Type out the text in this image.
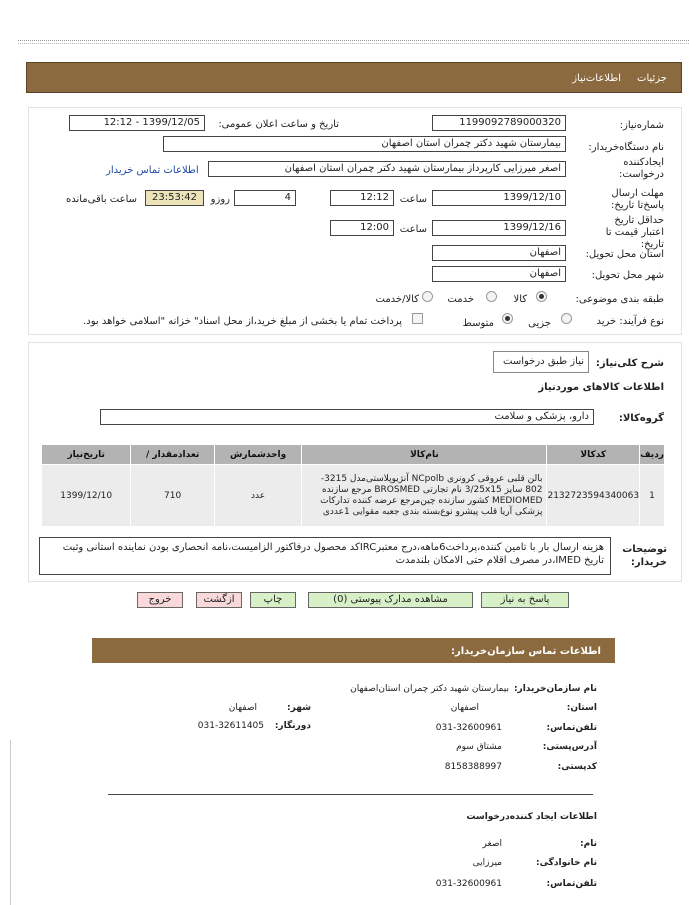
جزئیات
اطلاعات‌نیاز
شماره‌نیاز:
1199092789000320
تاریخ و ساعت اعلان عمومی:
1399/12/05 - 12:12
نام دستگاه‌خریدار:
بیمارستان شهید دکتر چمران استان اصفهان
ایجادکننده درخواست:
اصغر میرزایی کارپرداز بیمارستان شهید دکتر چمران استان اصفهان
اطلاعات تماس خریدار
مهلت ارسال پاسخ‌تا تاریخ:
1399/12/10
ساعت
12:12
4
روزو
23:53:42
ساعت باقی‌مانده
حداقل تاریخ اعتبار قیمت تا تاریخ:
1399/12/16
ساعت
12:00
استان محل تحویل:
اصفهان
شهر محل تحویل:
اصفهان
طبقه بندی موضوعی:
کالا
خدمت
کالا/خدمت
نوع فرآیند: خرید
جزیی
متوسط
پرداخت تمام یا بخشی از مبلغ خرید،از محل اسناد" خزانه "اسلامی خواهد بود.
شرح کلی‌نیاز:
نیاز طبق درخواست
اطلاعات کالاهای موردنیاز
گروه‌کالا:
دارو، پزشکی و سلامت
ردیف	کدکالا	نام‌کالا	واحدشمارش	تعدادمقدار /	تاریخ‌نیاز
1	2132723594340063	بالن قلبی عروقی کرونری NCpolb آنژیوپلاستی‌مدل 3215-802 سایز 3/25x15 نام تجارتی BROSMED مرجع سازنده MEDIOMED کشور سازنده چین‌مرجع عرضه کننده تدارکات پزشکی آریا قلب پیشرو نوع‌بسته بندی جعبه مقوایی 1عددی	عدد	710	1399/12/10
توضیحات خریدار:
هزینه ارسال بار با تامین کننده،پرداخت6ماهه،درج معتبرIRCکد محصول درفاکتور الزامیست،نامه انحصاری بودن نماینده استانی وثبت تاریخ IMED،در مصرف اقلام حتی الامکان بلندمدت
پاسخ به نیاز
مشاهده مدارک پیوستی (0)
چاپ
ازگشت
خروج
اطلاعات تماس سازمان‌خریدار:
نام سازمان‌خریدار:
بیمارستان شهید دکتر چمران استان‌اصفهان
استان:
اصفهان
شهر:
اصفهان
تلفن‌تماس:
031-32600961
دورنگار:
031-32611405
آدرس‌پستی:
مشتاق سوم
کدپستی:
8158388997
اطلاعات ایجاد کننده‌درخواست
نام:
اصغر
نام خانوادگی:
میرزایی
تلفن‌تماس:
031-32600961
